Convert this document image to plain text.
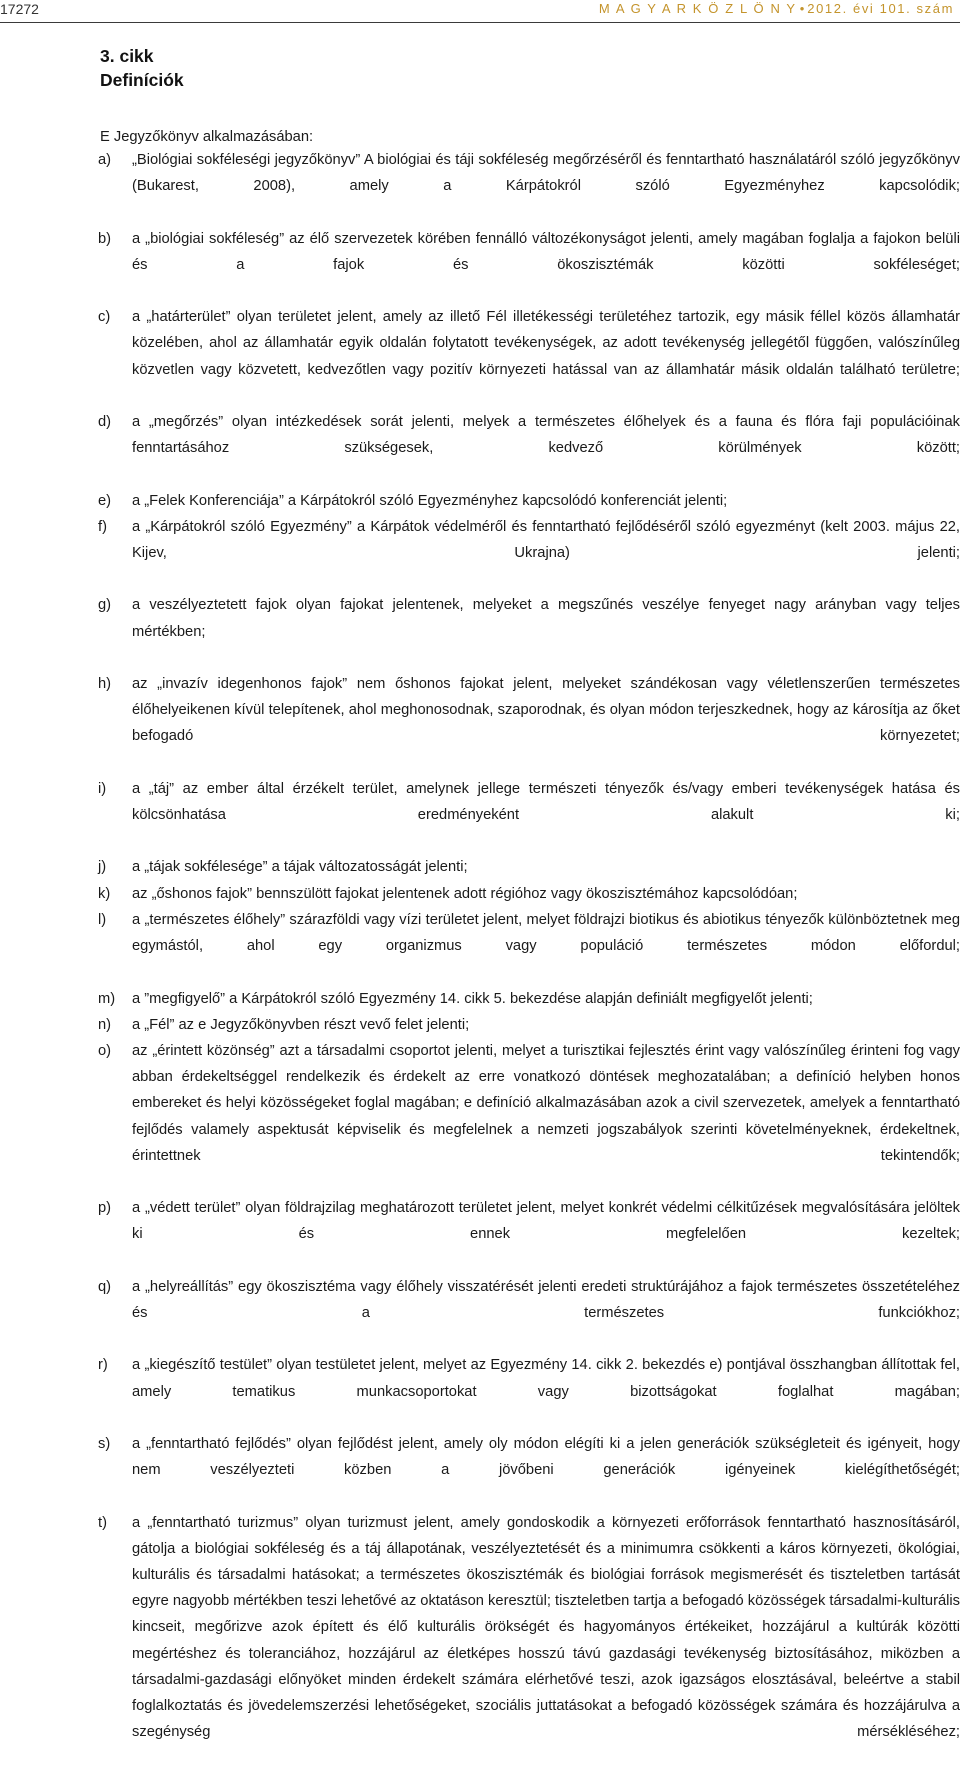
17272	M A G Y A R K Ö Z L Ö N Y • 2012. évi 101. szám
3. cikk
Definíciók
E Jegyzőkönyv alkalmazásában:
a) „Biológiai sokféleségi jegyzőkönyv” A biológiai és táji sokféleség megőrzéséről és fenntartható használatáról szóló jegyzőkönyv (Bukarest, 2008), amely a Kárpátokról szóló Egyezményhez kapcsolódik;
b) a „biológiai sokféleség” az élő szervezetek körében fennálló változékonyságot jelenti, amely magában foglalja a fajokon belüli és a fajok és ökoszisztémák közötti sokféleséget;
c) a „határterület” olyan területet jelent, amely az illető Fél illetékességi területéhez tartozik, egy másik féllel közös államhatár közelében, ahol az államhatár egyik oldalán folytatott tevékenységek, az adott tevékenység jellegétől függően, valószínűleg közvetlen vagy közvetett, kedvezőtlen vagy pozitív környezeti hatással van az államhatár másik oldalán található területre;
d) a „megőrzés” olyan intézkedések sorát jelenti, melyek a természetes élőhelyek és a fauna és flóra faji populációinak fenntartásához szükségesek, kedvező körülmények között;
e) a „Felek Konferenciája” a Kárpátokról szóló Egyezményhez kapcsolódó konferenciát jelenti;
f) a „Kárpátokról szóló Egyezmény” a Kárpátok védelméről és fenntartható fejlődéséről szóló egyezményt (kelt 2003. május 22, Kijev, Ukrajna) jelenti;
g) a veszélyeztetett fajok olyan fajokat jelentenek, melyeket a megszűnés veszélye fenyeget nagy arányban vagy teljes mértékben;
h) az „invazív idegenhonos fajok” nem őshonos fajokat jelent, melyeket szándékosan vagy véletlenszerűen természetes élőhelyeikenen kívül telepítenek, ahol meghonosodnak, szaporodnak, és olyan módon terjeszkednek, hogy az károsítja az őket befogadó környezetet;
i) a „táj” az ember által érzékelt terület, amelynek jellege természeti tényezők és/vagy emberi tevékenységek hatása és kölcsönhatása eredményeként alakult ki;
j) a „tájak sokfélesége” a tájak változatosságát jelenti;
k) az „őshonos fajok” bennszülött fajokat jelentenek adott régióhoz vagy ökoszisztémához kapcsolódóan;
l) a „természetes élőhely” szárazföldi vagy vízi területet jelent, melyet földrajzi biotikus és abiotikus tényezők különböztetnek meg egymástól, ahol egy organizmus vagy populáció természetes módon előfordul;
m) a ”megfigyelő” a Kárpátokról szóló Egyezmény 14. cikk 5. bekezdése alapján definiált megfigyelőt jelenti;
n) a „Fél” az e Jegyzőkönyvben részt vevő felet jelenti;
o) az „érintett közönség” azt a társadalmi csoportot jelenti, melyet a turisztikai fejlesztés érint vagy valószínűleg érinteni fog vagy abban érdekeltséggel rendelkezik és érdekelt az erre vonatkozó döntések meghozatalában; a definíció helyben honos embereket és helyi közösségeket foglal magában; e definíció alkalmazásában azok a civil szervezetek, amelyek a fenntartható fejlődés valamely aspektusát képviselik és megfelelnek a nemzeti jogszabályok szerinti követelményeknek, érdekeltnek, érintettnek tekintendők;
p) a „védett terület” olyan földrajzilag meghatározott területet jelent, melyet konkrét védelmi célkitűzések megvalósítására jelöltek ki és ennek megfelelően kezeltek;
q) a „helyreállítás” egy ökoszisztéma vagy élőhely visszatérését jelenti eredeti struktúrájához a fajok természetes összetételéhez és a természetes funkciókhoz;
r) a „kiegészítő testület” olyan testületet jelent, melyet az Egyezmény 14. cikk 2. bekezdés e) pontjával összhangban állítottak fel, amely tematikus munkacsoportokat vagy bizottságokat foglalhat magában;
s) a „fenntartható fejlődés” olyan fejlődést jelent, amely oly módon elégíti ki a jelen generációk szükségleteit és igényeit, hogy nem veszélyezteti közben a jövőbeni generációk igényeinek kielégíthetőségét;
t) a „fenntartható turizmus” olyan turizmust jelent, amely gondoskodik a környezeti erőforrások fenntartható hasznosításáról, gátolja a biológiai sokféleség és a táj állapotának, veszélyeztetését és a minimumra csökkenti a káros környezeti, ökológiai, kulturális és társadalmi hatásokat; a természetes ökoszisztémák és biológiai források megismerését és tiszteletben tartását egyre nagyobb mértékben teszi lehetővé az oktatáson keresztül; tiszteletben tartja a befogadó közösségek társadalmi-kulturális kincseit, megőrizve azok épített és élő kulturális örökségét és hagyományos értékeiket, hozzájárul a kultúrák közötti megértéshez és toleranciához, hozzájárul az életképes hosszú távú gazdasági tevékenység biztosításához, miközben a társadalmi-gazdasági előnyöket minden érdekelt számára elérhetővé teszi, azok igazságos elosztásával, beleértve a stabil foglalkoztatás és jövedelemszerzési lehetőségeket, szociális juttatásokat a befogadó közösségek számára és hozzájárulva a szegénység mérsékléséhez;
